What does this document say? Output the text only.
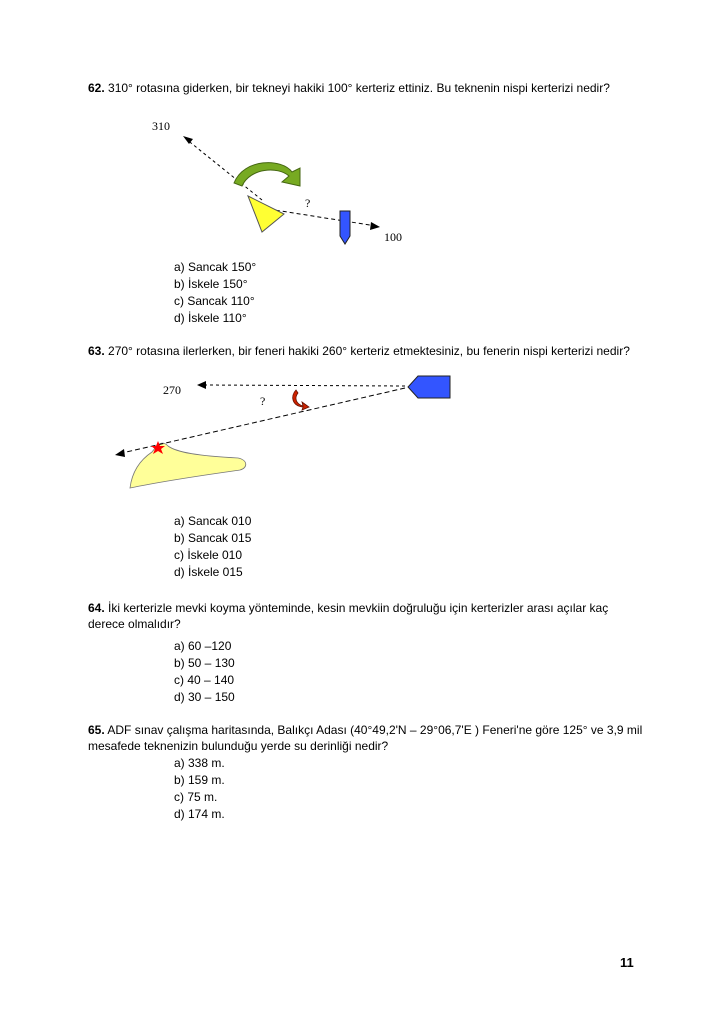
62. 310° rotasına giderken, bir tekneyi hakiki 100° kerteriz ettiniz. Bu teknenin nispi kerterizi nedir?
310
100
?
a) Sancak 150°
b) İskele 150°
c) Sancak 110°
d) İskele 110°
63. 270° rotasına ilerlerken, bir feneri hakiki 260° kerteriz etmektesiniz, bu fenerin nispi kerterizi nedir?
270
?
a) Sancak 010
b) Sancak 015
c) İskele 010
d) İskele 015
64. İki kerterizle mevki koyma yönteminde, kesin mevkiin doğruluğu için kerterizler arası açılar kaç derece olmalıdır?
a) 60 –120
b) 50 – 130
c) 40 – 140
d) 30 – 150
65. ADF sınav çalışma haritasında, Balıkçı Adası (40°49,2'N – 29°06,7'E ) Feneri'ne göre 125° ve 3,9 mil mesafede teknenizin bulunduğu yerde su derinliği nedir?
a) 338 m.
b) 159 m.
c) 75 m.
d) 174 m.
11
